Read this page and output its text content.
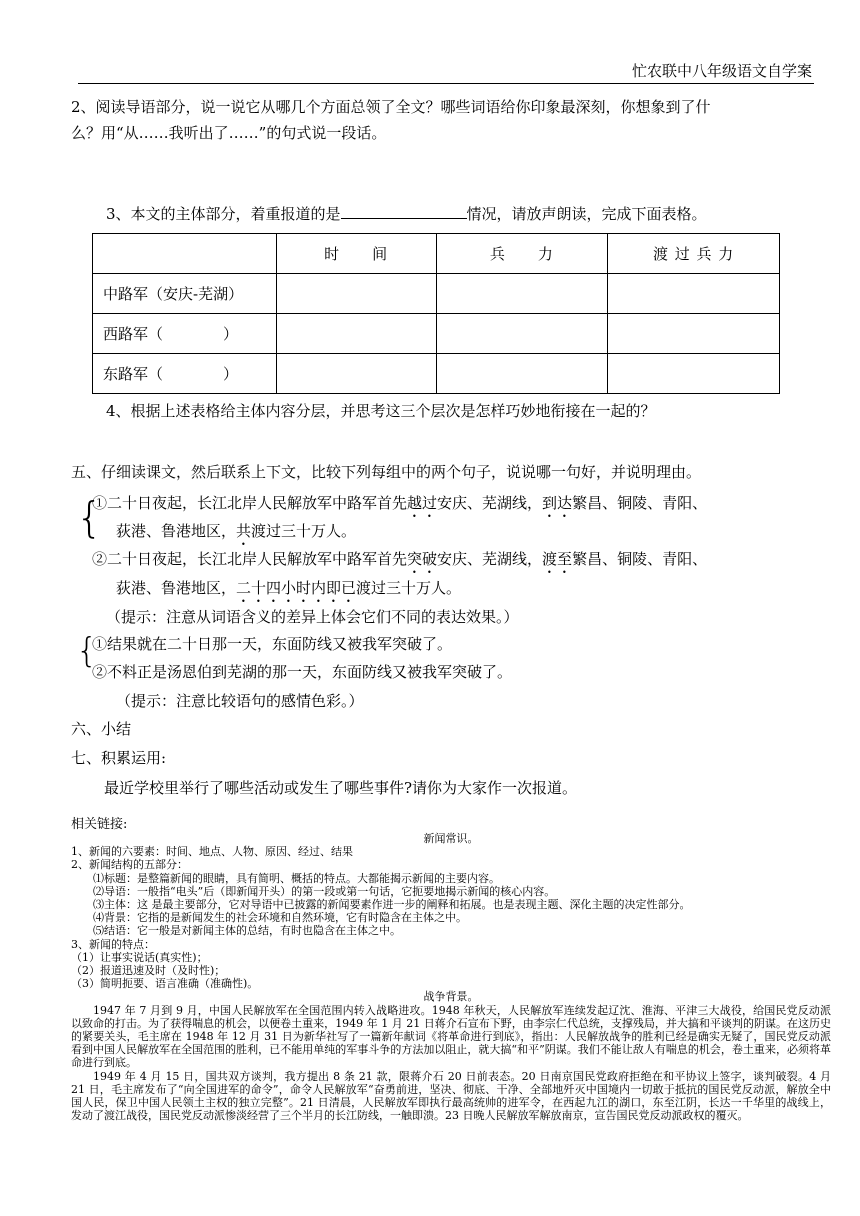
忙农联中八年级语文自学案
2、阅读导语部分，说一说它从哪几个方面总领了全文？哪些词语给你印象最深刻，你想象到了什
么？用“从……我听出了……”的句式说一段话。
3、本文的主体部分，着重报道的是	情况，请放声朗读，完成下面表格。
	时　　间	兵　　力	渡 过 兵 力
中路军（安庆-芜湖）			
西路军（　　　　）			
东路军（　　　　）			
4、根据上述表格给主体内容分层，并思考这三个层次是怎样巧妙地衔接在一起的？
五、仔细读课文，然后联系上下文，比较下列每组中的两个句子，说说哪一句好，并说明理由。
{
①二十日夜起，长江北岸人民解放军中路军首先越过安庆、芜湖线，到达繁昌、铜陵、青阳、
荻港、鲁港地区，共渡过三十万人。
②二十日夜起，长江北岸人民解放军中路军首先突破安庆、芜湖线，渡至繁昌、铜陵、青阳、
荻港、鲁港地区，二十四小时内即已渡过三十万人。
（提示：注意从词语含义的差异上体会它们不同的表达效果。）
{
①结果就在二十日那一天，东面防线又被我军突破了。
②不料正是汤恩伯到芜湖的那一天，东面防线又被我军突破了。
（提示：注意比较语句的感情色彩。）
六、小结
七、积累运用:
最近学校里举行了哪些活动或发生了哪些事件?请你为大家作一次报道。
相关链接:
新闻常识。
1、新闻的六要素：时间、地点、人物、原因、经过、结果
2、新闻结构的五部分：
⑴标题：是整篇新闻的眼睛，具有简明、概括的特点。大都能揭示新闻的主要内容。
⑵导语：一般指“电头”后（即新闻开头）的第一段或第一句话，它扼要地揭示新闻的核心内容。
⑶主体：这 是最主要部分，它对导语中已披露的新闻要素作进一步的阐释和拓展。也是表现主题、深化主题的决定性部分。
⑷背景：它指的是新闻发生的社会环境和自然环境，它有时隐含在主体之中。
⑸结语：它一般是对新闻主体的总结，有时也隐含在主体之中。
3、新闻的特点：
（1）让事实说话(真实性)；
（2）报道迅速及时（及时性)；
（3）简明扼要、语言准确（准确性)。
战争背景。
1947 年 7 月到 9 月，中国人民解放军在全国范围内转入战略进攻。1948 年秋天，人民解放军连续发起辽沈、淮海、平津三大战役，给国民党反动派以致命的打击。为了获得喘息的机会，以便卷土重来，1949 年 1 月 21 日蒋介石宣布下野，由李宗仁代总统，支撑残局，并大搞和平谈判的阴谋。在这历史的紧要关头，毛主席在 1948 年 12 月 31 日为新华社写了一篇新年献词《将革命进行到底》，指出：人民解放战争的胜利已经是确实无疑了，国民党反动派看到中国人民解放军在全国范围的胜利，已不能用单纯的军事斗争的方法加以阻止，就大搞“和平”阴谋。我们不能让敌人有喘息的机会，卷土重来，必须将革命进行到底。
1949 年 4 月 15 日，国共双方谈判，我方提出 8 条 21 款，限蒋介石 20 日前表态。20 日南京国民党政府拒绝在和平协议上签字，谈判破裂。4 月 21 日，毛主席发布了“向全国进军的命令”，命令人民解放军“奋勇前进，坚决、彻底、干净、全部地歼灭中国境内一切敢于抵抗的国民党反动派，解放全中国人民，保卫中国人民领土主权的独立完整”。21 日清晨，人民解放军即执行最高统帅的进军令，在西起九江的湖口，东至江阴，长达一千华里的战线上，发动了渡江战役，国民党反动派惨淡经营了三个半月的长江防线，一触即溃。23 日晚人民解放军解放南京，宣告国民党反动派政权的覆灭。
